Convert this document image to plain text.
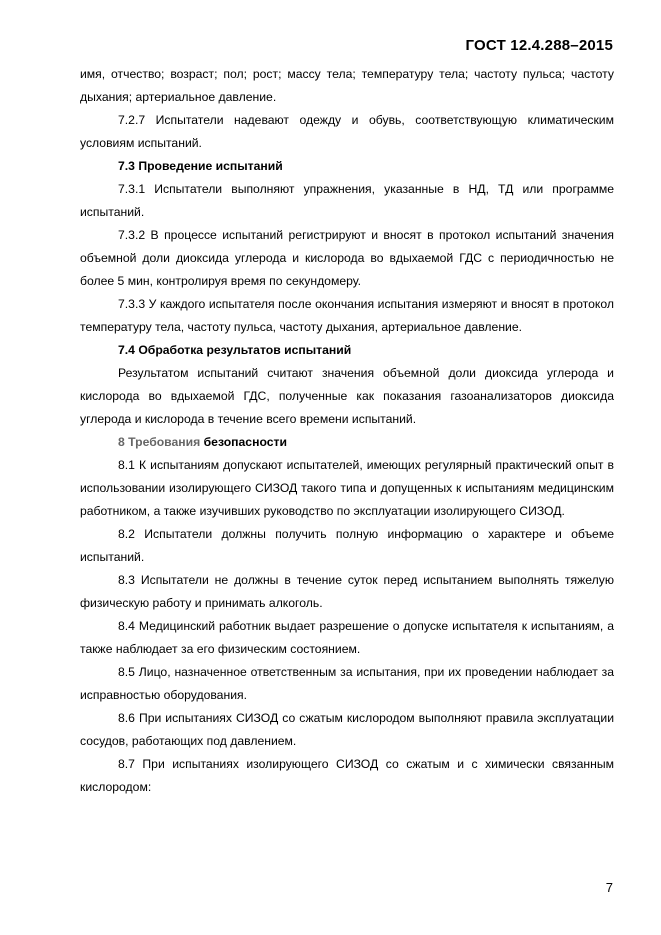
ГОСТ 12.4.288–2015

имя, отчество; возраст; пол; рост; массу тела; температуру тела; частоту пульса; частоту дыхания; артериальное давление.

7.2.7 Испытатели надевают одежду и обувь, соответствующую климатическим условиям испытаний.

7.3 Проведение испытаний

7.3.1 Испытатели выполняют упражнения, указанные в НД, ТД или программе испытаний.

7.3.2 В процессе испытаний регистрируют и вносят в протокол испытаний значения объемной доли диоксида углерода и кислорода во вдыхаемой ГДС с периодичностью не более 5 мин, контролируя время по секундомеру.

7.3.3 У каждого испытателя после окончания испытания измеряют и вносят в протокол температуру тела, частоту пульса, частоту дыхания, артериальное давление.

7.4 Обработка результатов испытаний

Результатом испытаний считают значения объемной доли диоксида углерода и кислорода во вдыхаемой ГДС, полученные как показания газоанализаторов диоксида углерода и кислорода в течение всего времени испытаний.

8 Требования безопасности

8.1 К испытаниям допускают испытателей, имеющих регулярный практический опыт в использовании изолирующего СИЗОД такого типа и допущенных к испытаниям медицинским работником, а также изучивших руководство по эксплуатации изолирующего СИЗОД.

8.2 Испытатели должны получить полную информацию о характере и объеме испытаний.

8.3 Испытатели не должны в течение суток перед испытанием выполнять тяжелую физическую работу и принимать алкоголь.

8.4 Медицинский работник выдает разрешение о допуске испытателя к испытаниям, а также наблюдает за его физическим состоянием.

8.5 Лицо, назначенное ответственным за испытания, при их проведении наблюдает за исправностью оборудования.

8.6 При испытаниях СИЗОД со сжатым кислородом выполняют правила эксплуатации сосудов, работающих под давлением.

8.7 При испытаниях изолирующего СИЗОД со сжатым и с химически связанным кислородом:

7
